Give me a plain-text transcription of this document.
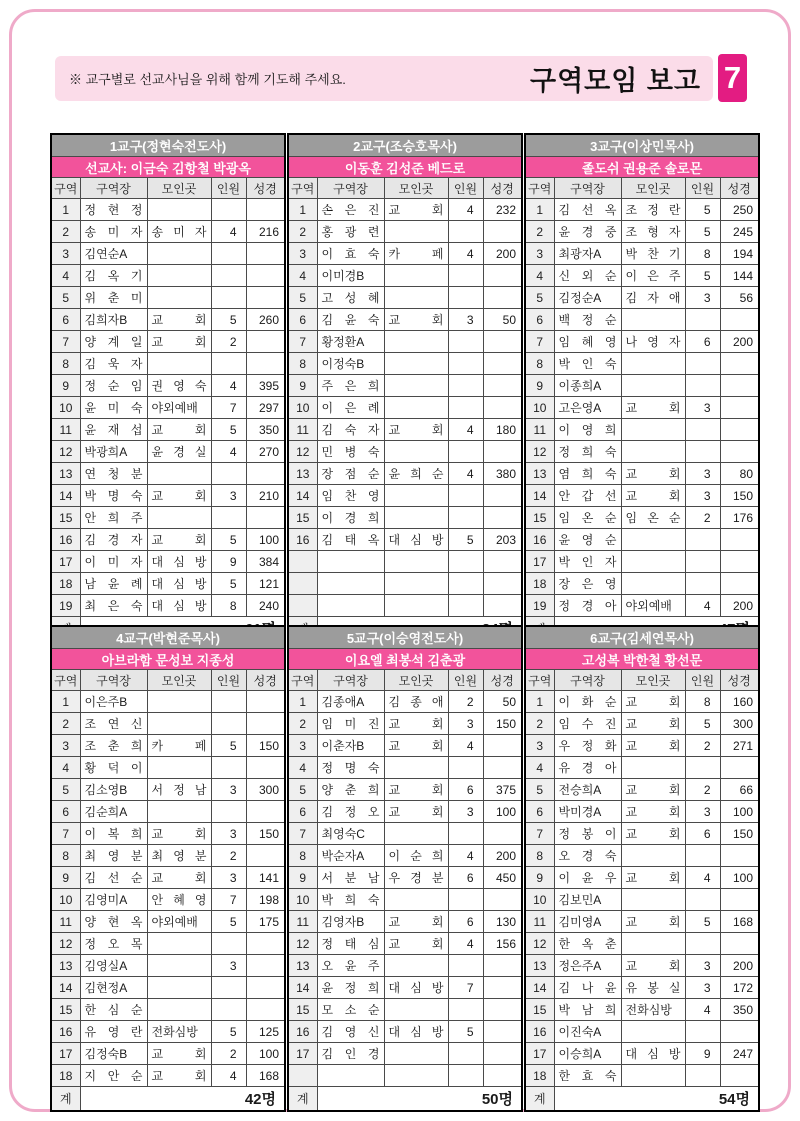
※ 교구별로 선교사님을 위해 함께 기도해 주세요.	구역모임 보고 7
1교구(정현숙전도사)				
선교사: 이금숙 김항철 박광옥				
구역	구역장	모인곳	인원	성경
1	정 현 정			
2	송 미 자	송 미 자	4	216
3	김연순A			
4	김 옥 기			
5	위 춘 미			
6	김희자B	교 회	5	260
7	양 계 일	교 회	2	
8	김 욱 자			
9	정 순 임	권 영 숙	4	395
10	윤 미 숙	야외예배	7	297
11	윤 재 섭	교 회	5	350
12	박광희A	윤 경 실	4	270
13	연 청 분			
14	박 명 숙	교 회	3	210
15	안 희 주			
16	김 경 자	교 회	5	100
17	이 미 자	대 심 방	9	384
18	남 윤 례	대 심 방	5	121
19	최 은 숙	대 심 방	8	240

2교구(조승호목사)				
이동훈 김성준 베드로				
구역	구역장	모인곳	인원	성경
1	손 은 진	교 회	4	232
2	홍 광 련			
3	이 효 숙	카 페	4	200
4	이미경B			
5	고 성 혜			
6	김 윤 숙	교 회	3	50
7	황정환A			
8	이정숙B			
9	주 은 희			
10	이 은 례			
11	김 숙 자	교 회	4	180
12	민 병 숙			
13	장 점 순	윤 희 순	4	380
14	임 찬 영			
15	이 경 희			
16	김 태 옥	대 심 방	5	203

3교구(이상민목사)				
졸도쉬 권용준 솔로몬				
구역	구역장	모인곳	인원	성경
1	김 선 옥	조 정 란	5	250
2	윤 경 중	조 형 자	5	245
3	최광자A	박 찬 기	8	194
4	신 외 순	이 은 주	5	144
5	김정순A	김 자 애	3	56
6	백 정 순			
7	임 혜 영	나 영 자	6	200
8	박 인 숙			
9	이종희A			
10	고은영A	교 회	3	
11	이 영 희			
12	정 희 숙			
13	염 희 숙	교 회	3	80
14	안 갑 선	교 회	3	150
15	임 온 순	임 온 순	2	176
16	윤 영 순			
17	박 인 자			
18	장 은 영			
19	정 경 아	야외예배	4	200

4교구(박현준목사)				
아브라함 문성보 지종성				
구역	구역장	모인곳	인원	성경
1	이은주B			
2	조 연 신			
3	조 춘 희	카 페	5	150
4	황 덕 이			
5	김소영B	서 정 남	3	300
6	김순희A			
7	이 복 희	교 회	3	150
8	최 영 분	최 영 분	2	
9	김 선 순	교 회	3	141
10	김영미A	안 혜 영	7	198
11	양 현 옥	야외예배	5	175
12	정 오 목			
13	김영실A		3	
14	김현정A			
15	한 심 순			
16	유 영 란	전화심방	5	125
17	김정숙B	교 회	2	100
18	지 안 순	교 회	4	168
계	42명			
5교구(이승영전도사)				
이요엘 최봉석 김춘광				
구역	구역장	모인곳	인원	성경
1	김종애A	김 종 애	2	50
2	임 미 진	교 회	3	150
3	이춘자B	교 회	4	
4	정 명 숙			
5	양 춘 희	교 회	6	375
6	김 정 오	교 회	3	100
7	최영숙C			
8	박순자A	이 순 희	4	200
9	서 분 남	우 경 분	6	450
10	박 희 숙			
11	김영자B	교 회	6	130
12	정 태 심	교 회	4	156
13	오 윤 주			
14	윤 정 희	대 심 방	7	
15	모 소 순			
16	김 영 신	대 심 방	5	
17	김 인 경			

계	50명			
6교구(김세연목사)				
고성복 박한철 황선문				
구역	구역장	모인곳	인원	성경
1	이 화 순	교 회	8	160
2	임 수 진	교 회	5	300
3	우 정 화	교 회	2	271
4	유 경 아			
5	전승희A	교 회	2	66
6	박미경A	교 회	3	100
7	정 봉 이	교 회	6	150
8	오 경 숙			
9	이 윤 우	교 회	4	100
10	김보민A			
11	김미영A	교 회	5	168
12	한 옥 춘			
13	정은주A	교 회	3	200
14	김 나 윤	유 봉 실	3	172
15	박 남 희	전화심방	4	350
16	이진숙A			
17	이승희A	대 심 방	9	247
18	한 효 숙			
계	54명			
